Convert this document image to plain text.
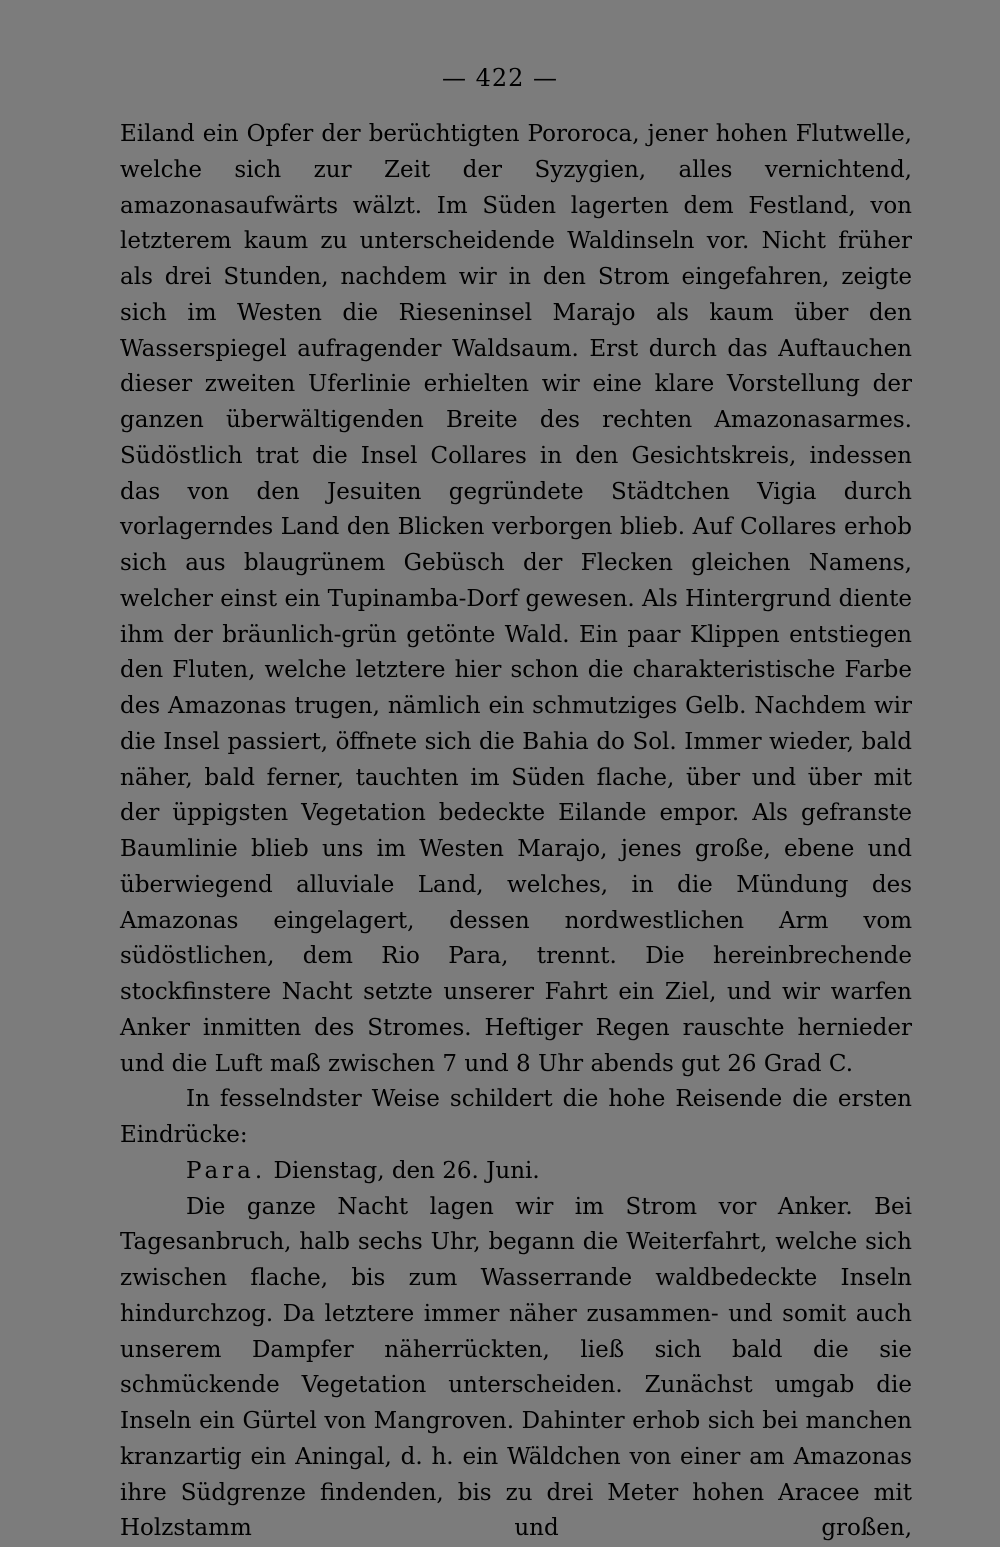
— 422 —

Eiland ein Opfer der berüchtigten Pororoca, jener hohen Flutwelle, welche sich zur Zeit der Syzygien, alles vernichtend, amazonasaufwärts wälzt. Im Süden lagerten dem Festland, von letzterem kaum zu unterscheidende Waldinseln vor. Nicht früher als drei Stunden, nachdem wir in den Strom eingefahren, zeigte sich im Westen die Rieseninsel Marajo als kaum über den Wasserspiegel aufragender Waldsaum. Erst durch das Auftauchen dieser zweiten Uferlinie erhielten wir eine klare Vorstellung der ganzen überwältigenden Breite des rechten Amazonasarmes. Südöstlich trat die Insel Collares in den Gesichtskreis, indessen das von den Jesuiten gegründete Städtchen Vigia durch vorlagerndes Land den Blicken verborgen blieb. Auf Collares erhob sich aus blaugrünem Gebüsch der Flecken gleichen Namens, welcher einst ein Tupinamba-Dorf gewesen. Als Hintergrund diente ihm der bräunlich-grün getönte Wald. Ein paar Klippen entstiegen den Fluten, welche letztere hier schon die charakteristische Farbe des Amazonas trugen, nämlich ein schmutziges Gelb. Nachdem wir die Insel passiert, öffnete sich die Bahia do Sol. Immer wieder, bald näher, bald ferner, tauchten im Süden flache, über und über mit der üppigsten Vegetation bedeckte Eilande empor. Als gefranste Baumlinie blieb uns im Westen Marajo, jenes große, ebene und überwiegend alluviale Land, welches, in die Mündung des Amazonas eingelagert, dessen nordwestlichen Arm vom südöstlichen, dem Rio Para, trennt. Die hereinbrechende stockfinstere Nacht setzte unserer Fahrt ein Ziel, und wir warfen Anker inmitten des Stromes. Heftiger Regen rauschte hernieder und die Luft maß zwischen 7 und 8 Uhr abends gut 26 Grad C.

In fesselndster Weise schildert die hohe Reisende die ersten Eindrücke:

Para. Dienstag, den 26. Juni.

Die ganze Nacht lagen wir im Strom vor Anker. Bei Tagesanbruch, halb sechs Uhr, begann die Weiterfahrt, welche sich zwischen flache, bis zum Wasserrande waldbedeckte Inseln hindurchzog. Da letztere immer näher zusammen- und somit auch unserem Dampfer näherrückten, ließ sich bald die sie schmückende Vegetation unterscheiden. Zunächst umgab die Inseln ein Gürtel von Mangroven. Dahinter erhob sich bei manchen kranzartig ein Aningal, d. h. ein Wäldchen von einer am Amazonas ihre Südgrenze findenden, bis zu drei Meter hohen Aracee mit Holzstamm und großen,
